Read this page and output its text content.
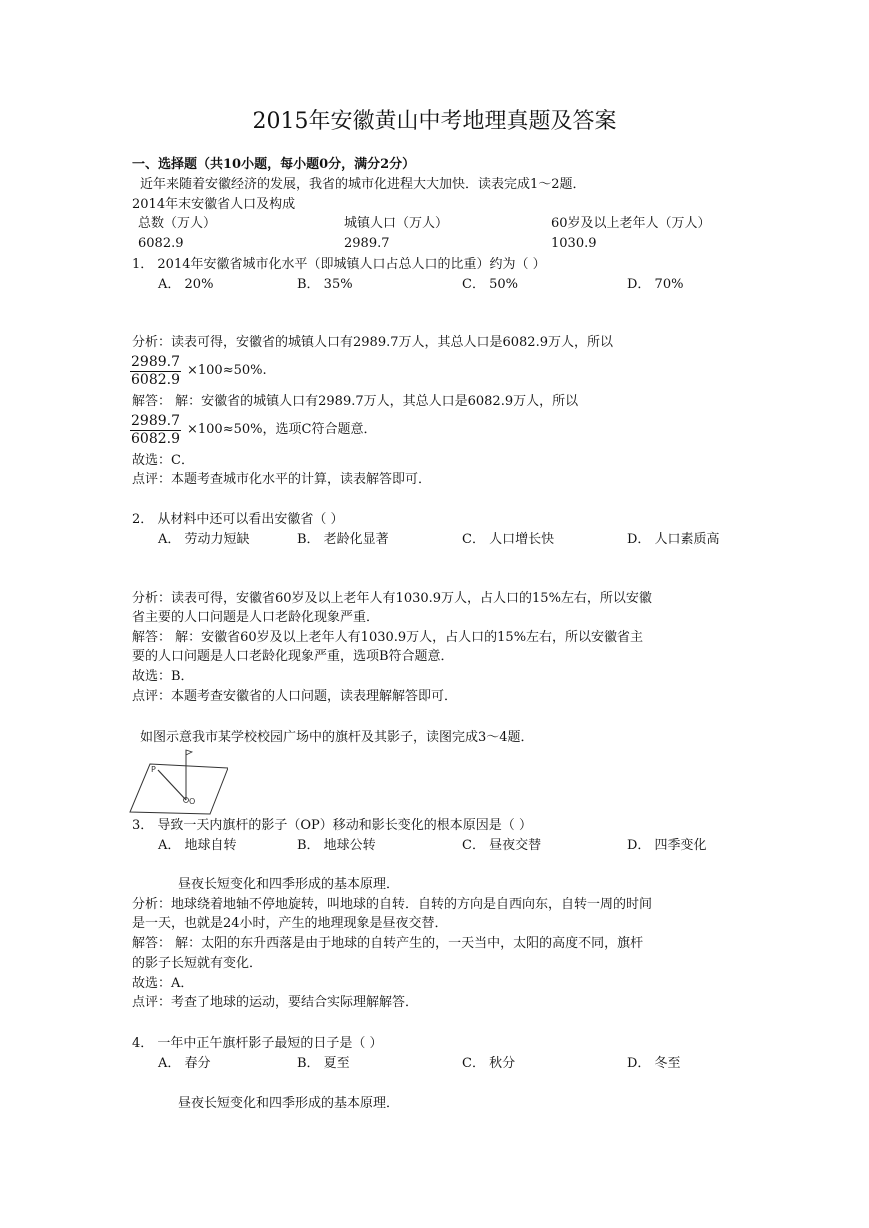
2015年安徽黄山中考地理真题及答案
一、选择题（共10小题，每小题0分，满分2分）
近年来随着安徽经济的发展，我省的城市化进程大大加快．读表完成1～2题．
2014年末安徽省人口及构成
总数（万人）	城镇人口（万人）	60岁及以上老年人（万人）
6082.9	2989.7	1030.9
1． 2014年安徽省城市化水平（即城镇人口占总人口的比重）约为（ ）
A． 20%	B． 35%	C． 50%	D． 70%
分析：读表可得，安徽省的城镇人口有2989.7万人，其总人口是6082.9万人，所以
$\frac{2989.7}{6082.9} \times 100\approx 50\%$.
解答： 解：安徽省的城镇人口有2989.7万人，其总人口是6082.9万人，所以
$\frac{2989.7}{6082.9} \times 100\approx 50\%$，选项C符合题意．
故选：C．
点评：本题考查城市化水平的计算，读表解答即可．
2． 从材料中还可以看出安徽省（ ）
A． 劳动力短缺	B． 老龄化显著	C． 人口增长快	D． 人口素质高
分析：读表可得，安徽省60岁及以上老年人有1030.9万人，占人口的15%左右，所以安徽
省主要的人口问题是人口老龄化现象严重．
解答： 解：安徽省60岁及以上老年人有1030.9万人，占人口的15%左右，所以安徽省主
要的人口问题是人口老龄化现象严重，选项B符合题意．
故选：B．
点评：本题考查安徽省的人口问题，读表理解解答即可．
如图示意我市某学校校园广场中的旗杆及其影子，读图完成3～4题．
P
O
3． 导致一天内旗杆的影子（OP）移动和影长变化的根本原因是（ ）
A． 地球自转	B． 地球公转	C． 昼夜交替	D． 四季变化
昼夜长短变化和四季形成的基本原理．
分析：地球绕着地轴不停地旋转，叫地球的自转．自转的方向是自西向东，自转一周的时间
是一天，也就是24小时，产生的地理现象是昼夜交替．
解答： 解：太阳的东升西落是由于地球的自转产生的，一天当中，太阳的高度不同，旗杆
的影子长短就有变化．
故选：A．
点评：考查了地球的运动，要结合实际理解解答．
4． 一年中正午旗杆影子最短的日子是（ ）
A． 春分	B． 夏至	C． 秋分	D． 冬至
昼夜长短变化和四季形成的基本原理．
